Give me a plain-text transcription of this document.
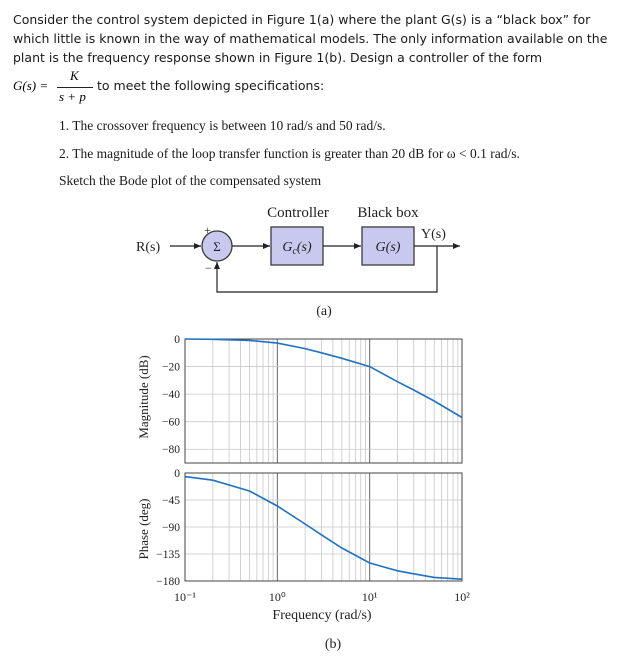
Consider the control system depicted in Figure 1(a) where the plant G(s) is a “black box” for
which little is known in the way of mathematical models. The only information available on the
plant is the frequency response shown in Figure 1(b). Design a controller of the form
G(s) =
K
s + p
to meet the following specifications:
1. The crossover frequency is between 10 rad/s and 50 rad/s.
2. The magnitude of the loop transfer function is greater than 20 dB for ω < 0.1 rad/s.
Sketch the Bode plot of the compensated system
Controller Black box
R(s)	Σ
+
−
$G_c(s)$	G(s)
Y(s)
(a)
0
−20
−40
−60
−80
Magnitude (dB)
0
−45
−90
−135
−180
Phase (deg)
10⁻¹	10⁰	10¹	10²
Frequency (rad/s)
(b)
